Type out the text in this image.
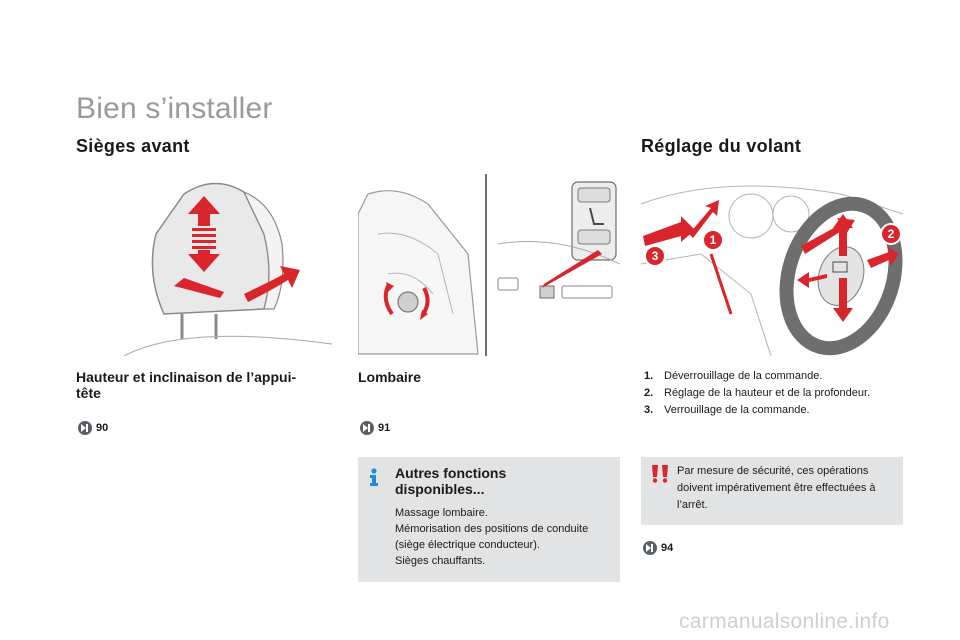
Bien s’installer
Sièges avant	Réglage du volant
1	2
3
Hauteur et inclinaison de l’appui-
tête
Lombaire
90	91
94
1. Déverrouillage de la commande.
2. Réglage de la hauteur et de la profondeur.
3. Verrouillage de la commande.
Autres fonctions
disponibles...
Massage lombaire.
Mémorisation des positions de conduite
(siège électrique conducteur).
Sièges chauffants.
Par mesure de sécurité, ces opérations doivent impérativement être effectuées à l’arrêt.
carmanualsonline.info
